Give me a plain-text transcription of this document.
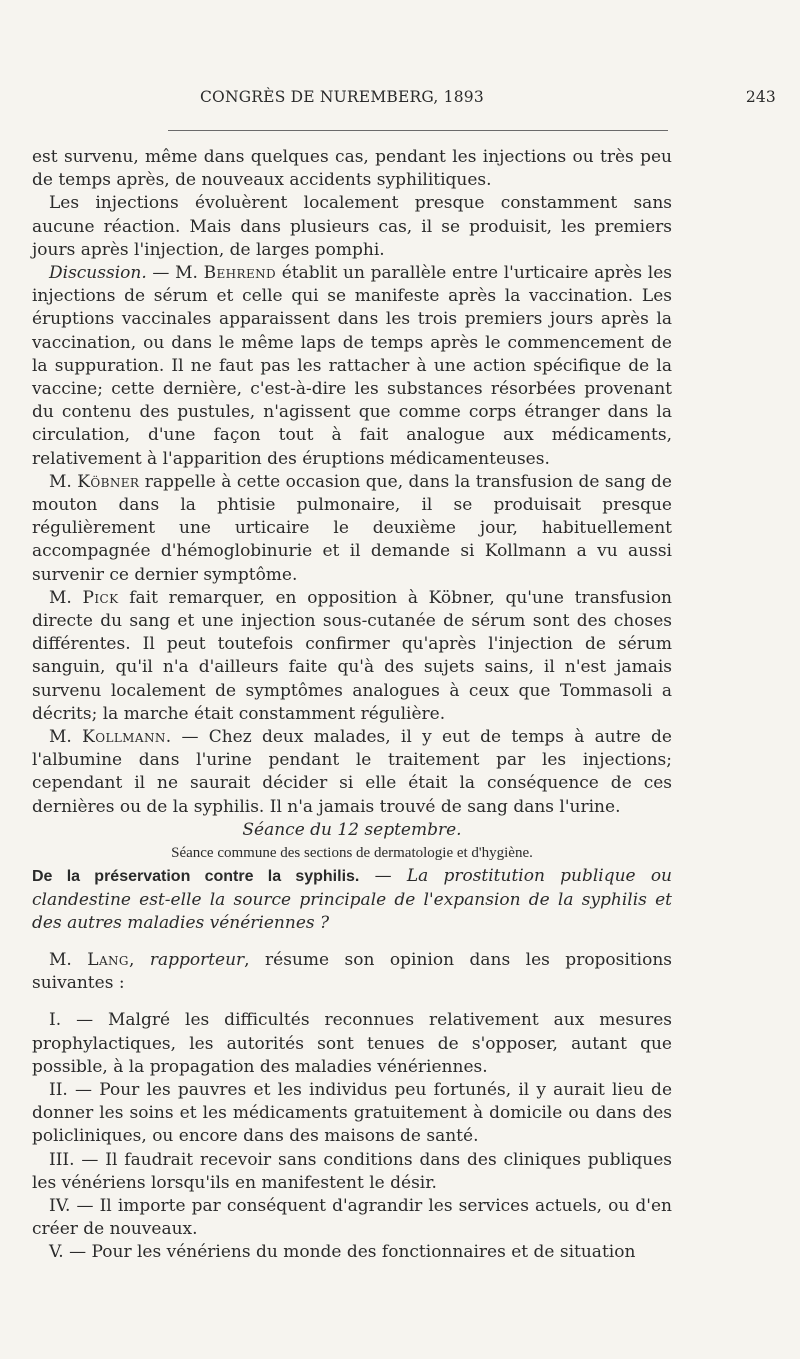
CONGRÈS DE NUREMBERG, 1893	243

est survenu, même dans quelques cas, pendant les injections ou très peu de temps après, de nouveaux accidents syphilitiques.

Les injections évoluèrent localement presque constamment sans aucune réaction. Mais dans plusieurs cas, il se produisit, les premiers jours après l'injection, de larges pomphi.

Discussion. — M. Behrend établit un parallèle entre l'urticaire après les injections de sérum et celle qui se manifeste après la vaccination. Les éruptions vaccinales apparaissent dans les trois premiers jours après la vaccination, ou dans le même laps de temps après le commencement de la suppuration. Il ne faut pas les rattacher à une action spécifique de la vaccine; cette dernière, c'est-à-dire les substances résorbées provenant du contenu des pustules, n'agissent que comme corps étranger dans la circulation, d'une façon tout à fait analogue aux médicaments, relativement à l'apparition des éruptions médicamenteuses.

M. Köbner rappelle à cette occasion que, dans la transfusion de sang de mouton dans la phtisie pulmonaire, il se produisait presque régulièrement une urticaire le deuxième jour, habituellement accompagnée d'hémoglobinurie et il demande si Kollmann a vu aussi survenir ce dernier symptôme.

M. Pick fait remarquer, en opposition à Köbner, qu'une transfusion directe du sang et une injection sous-cutanée de sérum sont des choses différentes. Il peut toutefois confirmer qu'après l'injection de sérum sanguin, qu'il n'a d'ailleurs faite qu'à des sujets sains, il n'est jamais survenu localement de symptômes analogues à ceux que Tommasoli a décrits; la marche était constamment régulière.

M. Kollmann. — Chez deux malades, il y eut de temps à autre de l'albumine dans l'urine pendant le traitement par les injections; cependant il ne saurait décider si elle était la conséquence de ces dernières ou de la syphilis. Il n'a jamais trouvé de sang dans l'urine.

Séance du 12 septembre.

Séance commune des sections de dermatologie et d'hygiène.

De la préservation contre la syphilis. — La prostitution publique ou clandestine est-elle la source principale de l'expansion de la syphilis et des autres maladies vénériennes ?

M. Lang, rapporteur, résume son opinion dans les propositions suivantes :

I. — Malgré les difficultés reconnues relativement aux mesures prophylactiques, les autorités sont tenues de s'opposer, autant que possible, à la propagation des maladies vénériennes.

II. — Pour les pauvres et les individus peu fortunés, il y aurait lieu de donner les soins et les médicaments gratuitement à domicile ou dans des policliniques, ou encore dans des maisons de santé.

III. — Il faudrait recevoir sans conditions dans des cliniques publiques les vénériens lorsqu'ils en manifestent le désir.

IV. — Il importe par conséquent d'agrandir les services actuels, ou d'en créer de nouveaux.

V. — Pour les vénériens du monde des fonctionnaires et de situation
